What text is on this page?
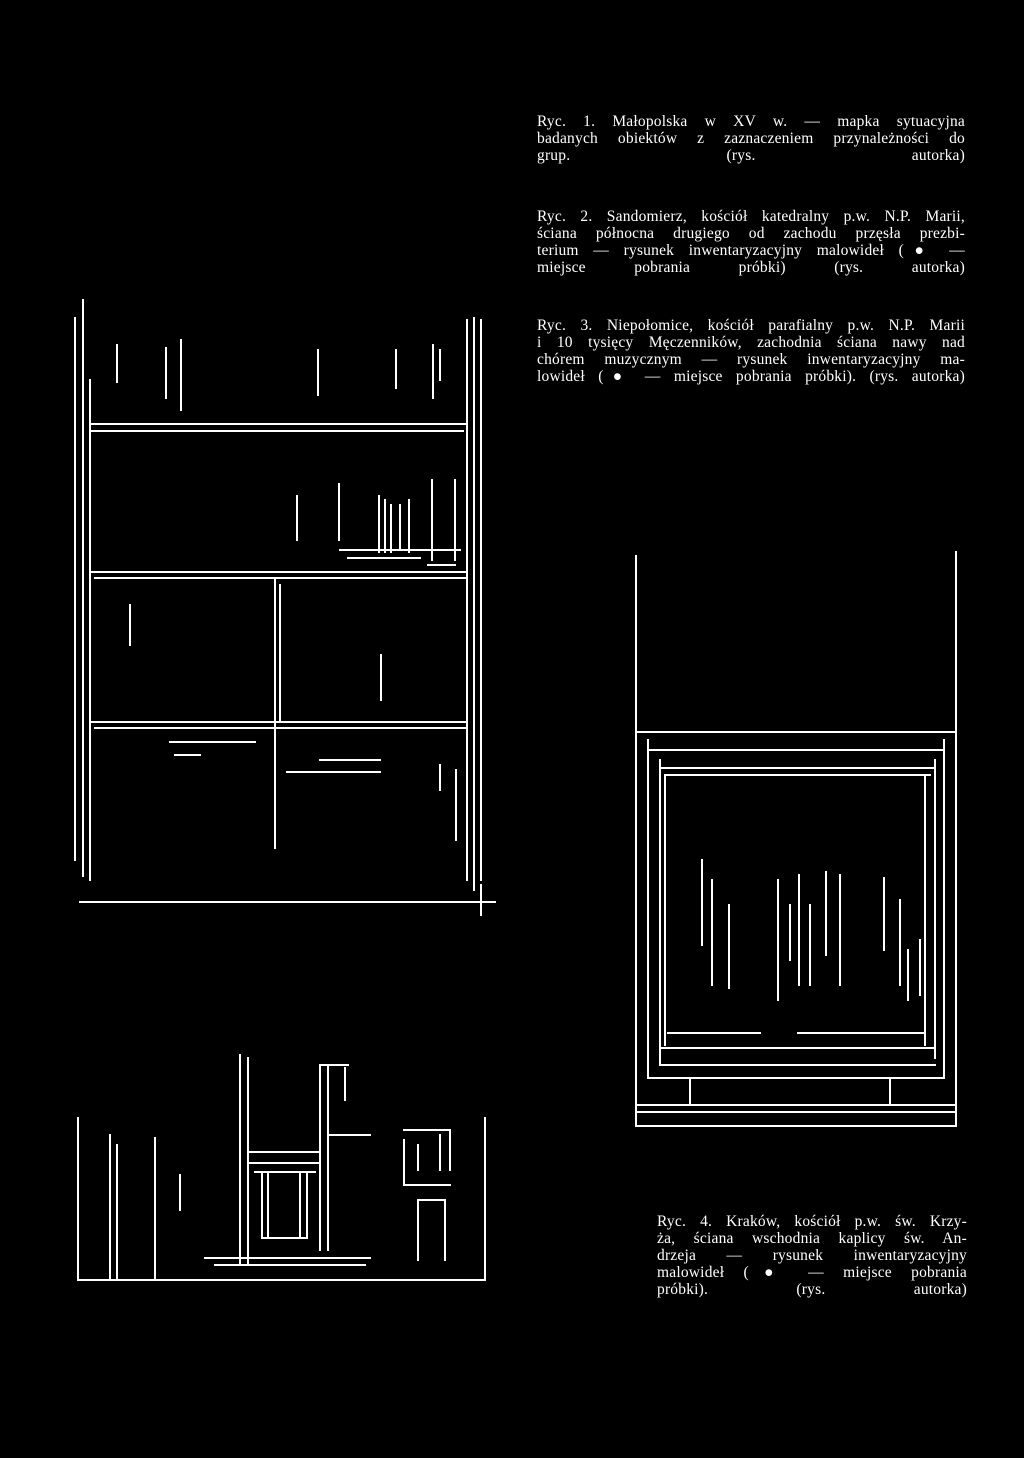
Ryc. 1. Małopolska w XV w. — mapka sytuacyjna
badanych obiektów z zaznaczeniem przynależności do
grup. (rys. autorka)
Ryc. 2. Sandomierz, kościół katedralny p.w. N.P. Marii,
ściana północna drugiego od zachodu przęsła prezbi-
terium — rysunek inwentaryzacyjny malowideł (● —
miejsce pobrania próbki) (rys. autorka)
Ryc. 3. Niepołomice, kościół parafialny p.w. N.P. Marii
i 10 tysięcy Męczenników, zachodnia ściana nawy nad
chórem muzycznym — rysunek inwentaryzacyjny ma-
lowideł (● — miejsce pobrania próbki). (rys. autorka)
Ryc. 4. Kraków, kościół p.w. św. Krzy-
ża, ściana wschodnia kaplicy św. An-
drzeja — rysunek inwentaryzacyjny
malowideł (● — miejsce pobrania
próbki). (rys. autorka)
